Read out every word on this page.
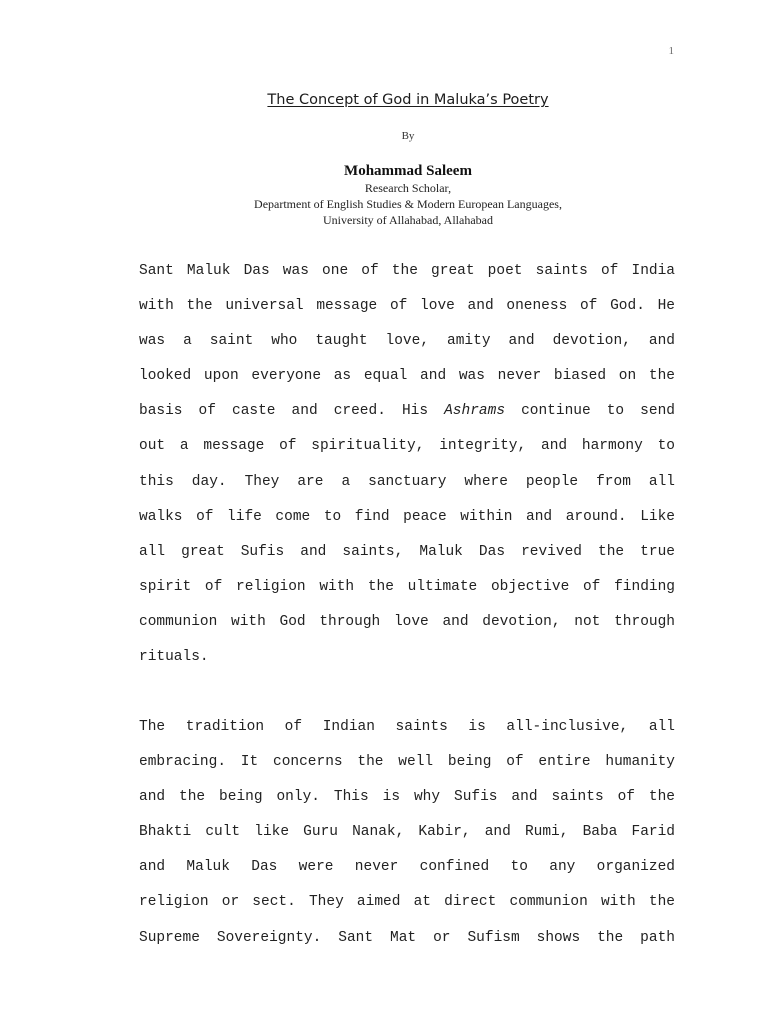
1
The Concept of God in Maluka’s Poetry
By
Mohammad Saleem
Research Scholar,
Department of English Studies & Modern European Languages,
University of Allahabad, Allahabad
Sant Maluk Das was one of the great poet saints of India
with the universal message of love and oneness of God. He
was a saint who taught love, amity and devotion, and
looked upon everyone as equal and was never biased on the
basis of caste and creed. His Ashrams continue to send
out a message of spirituality, integrity, and harmony to
this day. They are a sanctuary where people from all
walks of life come to find peace within and around. Like
all great Sufis and saints, Maluk Das revived the true
spirit of religion with the ultimate objective of finding
communion with God through love and devotion, not through
rituals.
The tradition of Indian saints is all-inclusive, all
embracing. It concerns the well being of entire humanity
and the being only. This is why Sufis and saints of the
Bhakti cult like Guru Nanak, Kabir, and Rumi, Baba Farid
and Maluk Das were never confined to any organized
religion or sect. They aimed at direct communion with the
Supreme Sovereignty. Sant Mat or Sufism shows the path
